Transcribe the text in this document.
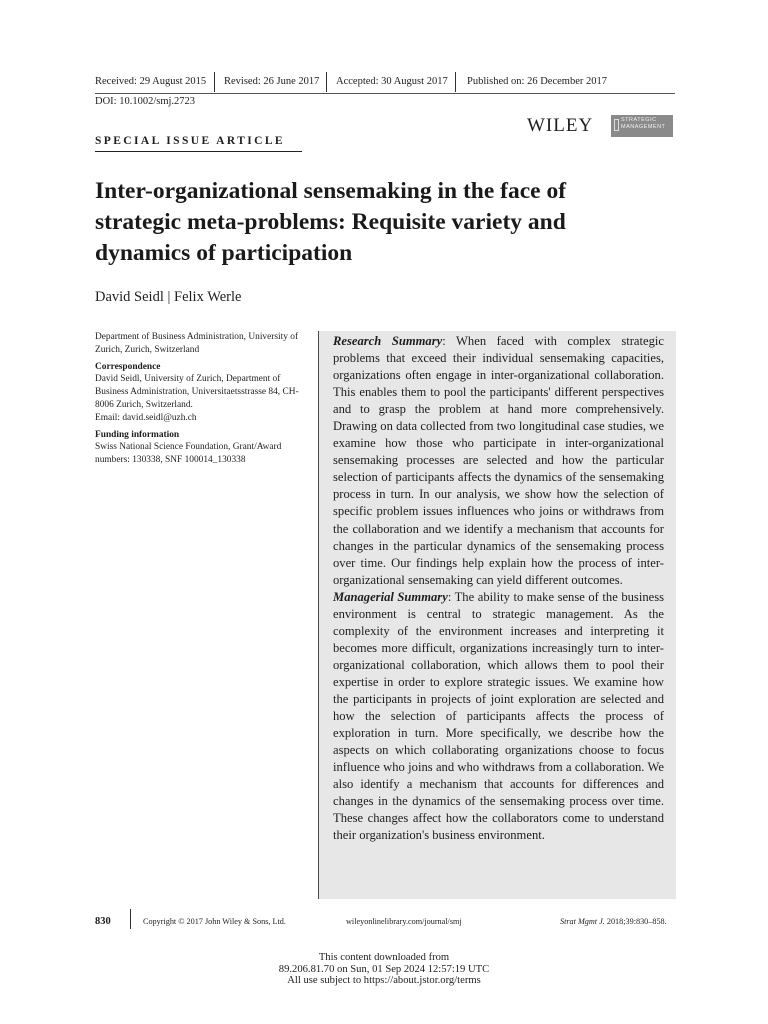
Received: 29 August 2015 Revised: 26 June 2017 Accepted: 30 August 2017 Published on: 26 December 2017
DOI: 10.1002/smj.2723
WILEY	STRATEGIC
MANAGEMENT
SPECIAL ISSUE ARTICLE
Inter-organizational sensemaking in the face of strategic meta-problems: Requisite variety and dynamics of participation
David Seidl | Felix Werle
Department of Business Administration, University of Zurich, Zurich, Switzerland
Correspondence
David Seidl, University of Zurich, Department of Business Administration, Universitaetsstrasse 84, CH-8006 Zurich, Switzerland.
Email: david.seidl@uzh.ch
Funding information
Swiss National Science Foundation, Grant/Award numbers: 130338, SNF 100014_130338

Research Summary: When faced with complex strategic problems that exceed their individual sensemaking capacities, organizations often engage in inter-organizational collaboration. This enables them to pool the participants' different perspectives and to grasp the problem at hand more comprehensively. Drawing on data collected from two longitudinal case studies, we examine how those who participate in inter-organizational sensemaking processes are selected and how the particular selection of participants affects the dynamics of the sensemaking process in turn. In our analysis, we show how the selection of specific problem issues influences who joins or withdraws from the collaboration and we identify a mechanism that accounts for changes in the particular dynamics of the sensemaking process over time. Our findings help explain how the process of inter-organizational sensemaking can yield different outcomes.

Managerial Summary: The ability to make sense of the business environment is central to strategic management. As the complexity of the environment increases and interpreting it becomes more difficult, organizations increasingly turn to inter-organizational collaboration, which allows them to pool their expertise in order to explore strategic issues. We examine how the participants in projects of joint exploration are selected and how the selection of participants affects the process of exploration in turn. More specifically, we describe how the aspects on which collaborating organizations choose to focus influence who joins and who withdraws from a collaboration. We also identify a mechanism that accounts for differences and changes in the dynamics of the sensemaking process over time. These changes affect how the collaborators come to understand their organization's business environment.

830	Copyright © 2017 John Wiley & Sons, Ltd.	wileyonlinelibrary.com/journal/smj	Strat Mgmt J. 2018;39:830–858.
This content downloaded from
89.206.81.70 on Sun, 01 Sep 2024 12:57:19 UTC
All use subject to https://about.jstor.org/terms
